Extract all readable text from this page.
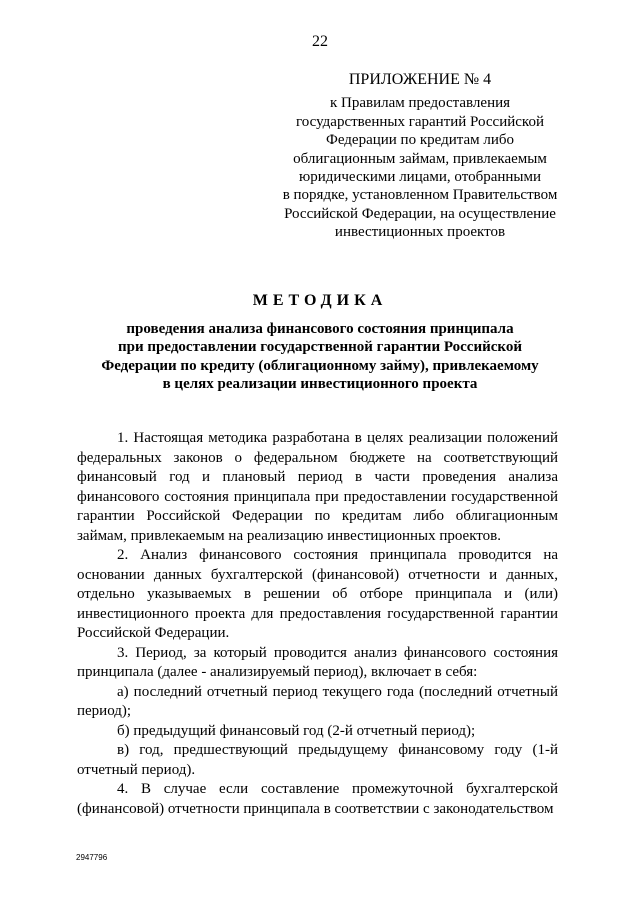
22
ПРИЛОЖЕНИЕ № 4
к Правилам предоставления
государственных гарантий Российской
Федерации по кредитам либо
облигационным займам, привлекаемым
юридическими лицами, отобранными
в порядке, установленном Правительством
Российской Федерации, на осуществление
инвестиционных проектов
МЕТОДИКА
проведения анализа финансового состояния принципала
при предоставлении государственной гарантии Российской
Федерации по кредиту (облигационному займу), привлекаемому
в целях реализации инвестиционного проекта

1. Настоящая методика разработана в целях реализации положений федеральных законов о федеральном бюджете на соответствующий финансовый год и плановый период в части проведения анализа финансового состояния принципала при предоставлении государственной гарантии Российской Федерации по кредитам либо облигационным займам, привлекаемым на реализацию инвестиционных проектов.

2. Анализ финансового состояния принципала проводится на основании данных бухгалтерской (финансовой) отчетности и данных, отдельно указываемых в решении об отборе принципала и (или) инвестиционного проекта для предоставления государственной гарантии Российской Федерации.

3. Период, за который проводится анализ финансового состояния принципала (далее - анализируемый период), включает в себя:

а) последний отчетный период текущего года (последний отчетный период);

б) предыдущий финансовый год (2-й отчетный период);

в) год, предшествующий предыдущему финансовому году (1-й отчетный период).

4. В случае если составление промежуточной бухгалтерской (финансовой) отчетности принципала в соответствии с законодательством

2947796
